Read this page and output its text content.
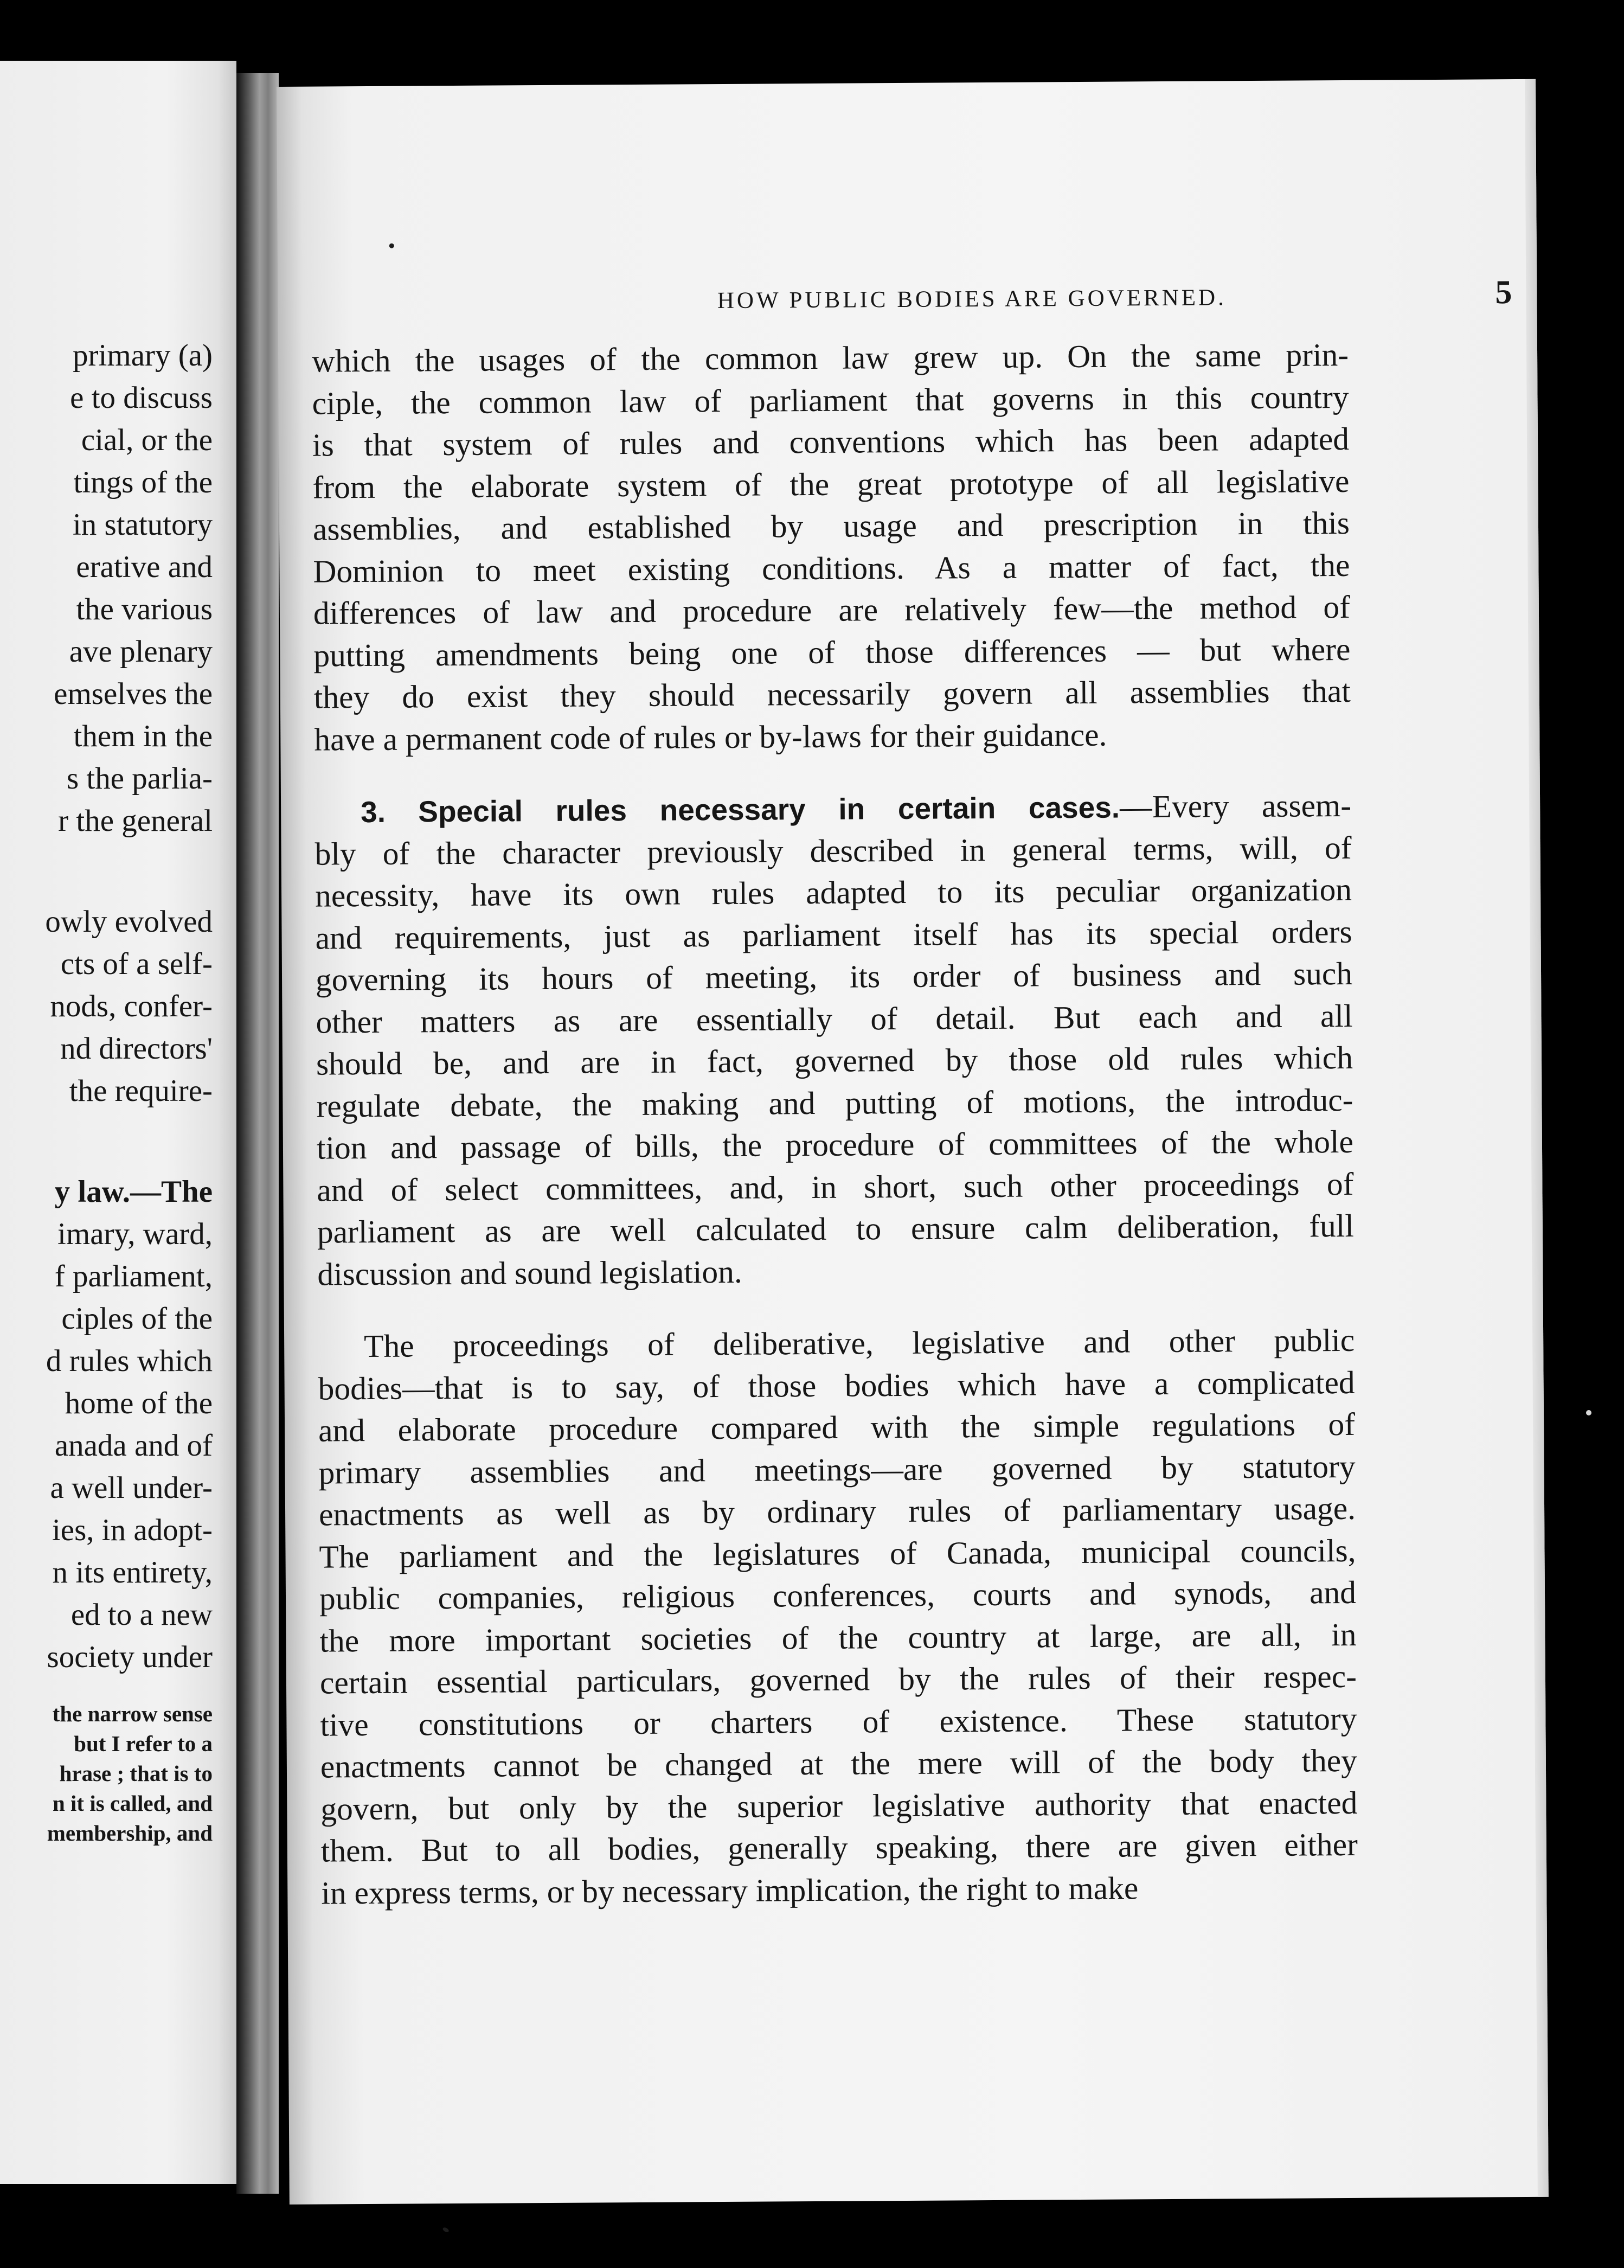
primary (a)
e to discuss
cial, or the
tings of the
in statutory
erative and
the various
ave plenary
emselves the
them in the
s the parlia-
r the general
owly evolved
cts of a self-
nods, confer-
nd directors'
the require-
y law.—The
imary, ward,
f parliament,
ciples of the
d rules which
home of the
anada and of
a well under-
ies, in adopt-
n its entirety,
ed to a new
society under
the narrow sense
but I refer to a
hrase ; that is to
n it is called, and
membership, and
HOW PUBLIC BODIES ARE GOVERNED.	5
which the usages of the common law grew up. On the same prin-
ciple, the common law of parliament that governs in this country
is that system of rules and conventions which has been adapted
from the elaborate system of the great prototype of all legislative
assemblies, and established by usage and prescription in this
Dominion to meet existing conditions. As a matter of fact, the
differences of law and procedure are relatively few—the method of
putting amendments being one of those differences — but where
they do exist they should necessarily govern all assemblies that
have a permanent code of rules or by-laws for their guidance.
3. Special rules necessary in certain cases.—Every assem-
bly of the character previously described in general terms, will, of
necessity, have its own rules adapted to its peculiar organization
and requirements, just as parliament itself has its special orders
governing its hours of meeting, its order of business and such
other matters as are essentially of detail. But each and all
should be, and are in fact, governed by those old rules which
regulate debate, the making and putting of motions, the introduc-
tion and passage of bills, the procedure of committees of the whole
and of select committees, and, in short, such other proceedings of
parliament as are well calculated to ensure calm deliberation, full
discussion and sound legislation.
The proceedings of deliberative, legislative and other public
bodies—that is to say, of those bodies which have a complicated
and elaborate procedure compared with the simple regulations of
primary assemblies and meetings—are governed by statutory
enactments as well as by ordinary rules of parliamentary usage.
The parliament and the legislatures of Canada, municipal councils,
public companies, religious conferences, courts and synods, and
the more important societies of the country at large, are all, in
certain essential particulars, governed by the rules of their respec-
tive constitutions or charters of existence. These statutory
enactments cannot be changed at the mere will of the body they
govern, but only by the superior legislative authority that enacted
them. But to all bodies, generally speaking, there are given either
in express terms, or by necessary implication, the right to make
